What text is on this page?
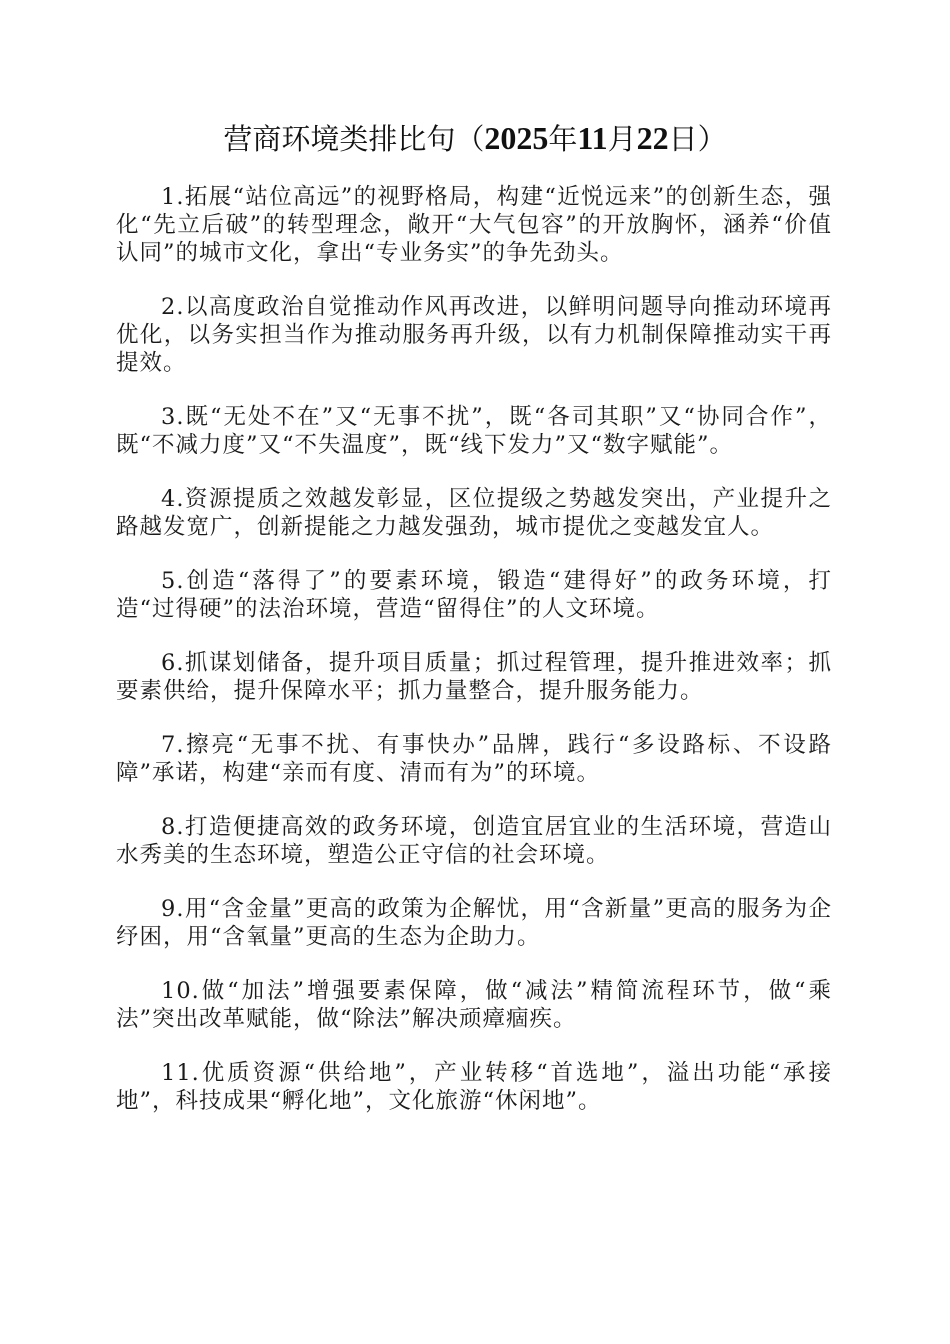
营商环境类排比句（2025年11月22日）

1.拓展“站位高远”的视野格局，构建“近悦远来”的创新生态，强化“先立后破”的转型理念，敞开“大气包容”的开放胸怀，涵养“价值认同”的城市文化，拿出“专业务实”的争先劲头。

2.以高度政治自觉推动作风再改进，以鲜明问题导向推动环境再优化，以务实担当作为推动服务再升级，以有力机制保障推动实干再提效。

3.既“无处不在”又“无事不扰”，既“各司其职”又“协同合作”，既“不减力度”又“不失温度”，既“线下发力”又“数字赋能”。

4.资源提质之效越发彰显，区位提级之势越发突出，产业提升之路越发宽广，创新提能之力越发强劲，城市提优之变越发宜人。

5.创造“落得了”的要素环境，锻造“建得好”的政务环境，打造“过得硬”的法治环境，营造“留得住”的人文环境。

6.抓谋划储备，提升项目质量；抓过程管理，提升推进效率；抓要素供给，提升保障水平；抓力量整合，提升服务能力。

7.擦亮“无事不扰、有事快办”品牌，践行“多设路标、不设路障”承诺，构建“亲而有度、清而有为”的环境。

8.打造便捷高效的政务环境，创造宜居宜业的生活环境，营造山水秀美的生态环境，塑造公正守信的社会环境。

9.用“含金量”更高的政策为企解忧，用“含新量”更高的服务为企纾困，用“含氧量”更高的生态为企助力。

10.做“加法”增强要素保障，做“减法”精简流程环节，做“乘法”突出改革赋能，做“除法”解决顽瘴痼疾。

11.优质资源“供给地”，产业转移“首选地”，溢出功能“承接地”，科技成果“孵化地”，文化旅游“休闲地”。
